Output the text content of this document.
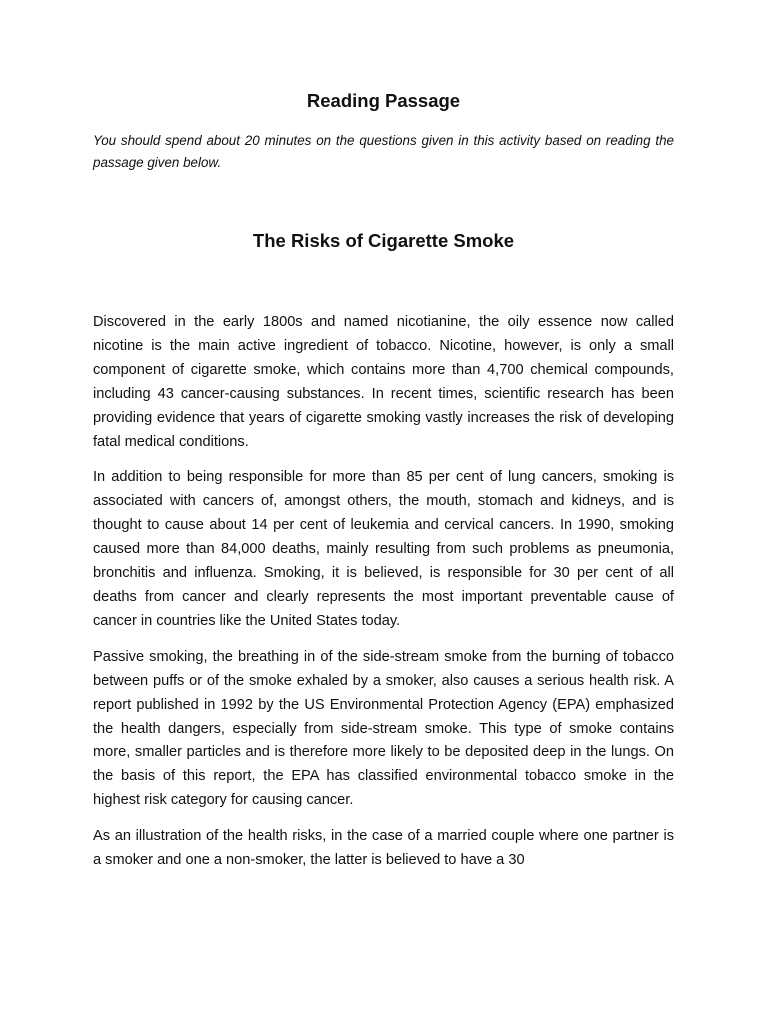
Reading Passage

You should spend about 20 minutes on the questions given in this activity based on reading the passage given below.

The Risks of Cigarette Smoke

Discovered in the early 1800s and named nicotianine, the oily essence now called nicotine is the main active ingredient of tobacco. Nicotine, however, is only a small component of cigarette smoke, which contains more than 4,700 chemical compounds, including 43 cancer-causing substances. In recent times, scientific research has been providing evidence that years of cigarette smoking vastly increases the risk of developing fatal medical conditions.

In addition to being responsible for more than 85 per cent of lung cancers, smoking is associated with cancers of, amongst others, the mouth, stomach and kidneys, and is thought to cause about 14 per cent of leukemia and cervical cancers. In 1990, smoking caused more than 84,000 deaths, mainly resulting from such problems as pneumonia, bronchitis and influenza. Smoking, it is believed, is responsible for 30 per cent of all deaths from cancer and clearly represents the most important preventable cause of cancer in countries like the United States today.

Passive smoking, the breathing in of the side-stream smoke from the burning of tobacco between puffs or of the smoke exhaled by a smoker, also causes a serious health risk. A report published in 1992 by the US Environmental Protection Agency (EPA) emphasized the health dangers, especially from side-stream smoke. This type of smoke contains more, smaller particles and is therefore more likely to be deposited deep in the lungs. On the basis of this report, the EPA has classified environmental tobacco smoke in the highest risk category for causing cancer.

As an illustration of the health risks, in the case of a married couple where one partner is a smoker and one a non-smoker, the latter is believed to have a 30
